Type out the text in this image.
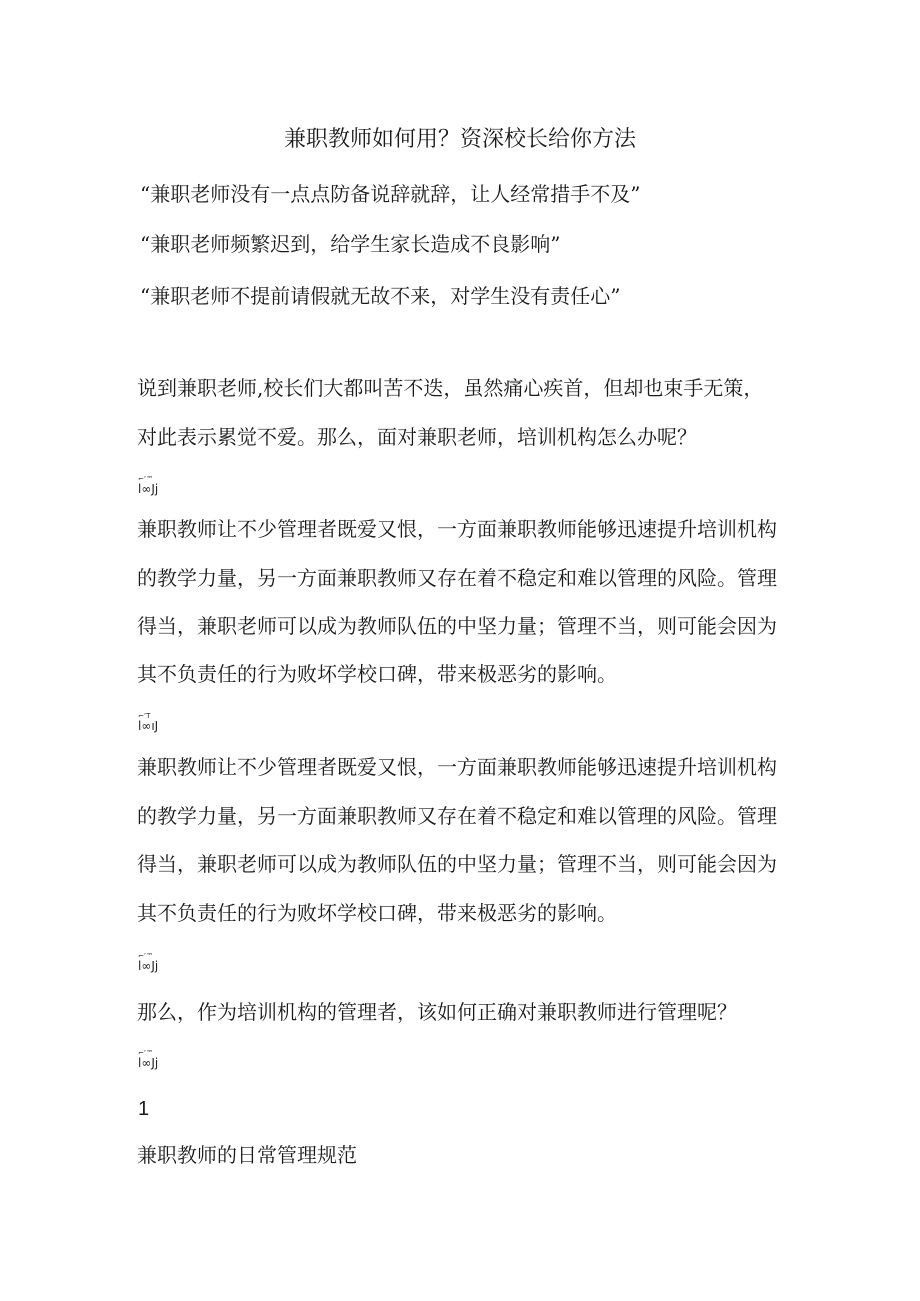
兼职教师如何用？资深校长给你方法
“兼职老师没有一点点防备说辞就辞，让人经常措手不及”
“兼职老师频繁迟到，给学生家长造成不良影响”
“兼职老师不提前请假就无故不来，对学生没有责任心”
说到兼职老师,校长们大都叫苦不迭，虽然痛心疾首，但却也束手无策，
对此表示累觉不爱。那么，面对兼职老师，培训机构怎么办呢？
⌐’™
l∞Jj
兼职教师让不少管理者既爱又恨，一方面兼职教师能够迅速提升培训机构
的教学力量，另一方面兼职教师又存在着不稳定和难以管理的风险。管理
得当，兼职老师可以成为教师队伍的中坚力量；管理不当，则可能会因为
其不负责任的行为败坏学校口碑，带来极恶劣的影响。
⌐’T
l∞ıJ
兼职教师让不少管理者既爱又恨，一方面兼职教师能够迅速提升培训机构
的教学力量，另一方面兼职教师又存在着不稳定和难以管理的风险。管理
得当，兼职老师可以成为教师队伍的中坚力量；管理不当，则可能会因为
其不负责任的行为败坏学校口碑，带来极恶劣的影响。
⌐’™
l∞Jj
那么，作为培训机构的管理者，该如何正确对兼职教师进行管理呢？
⌐’™
l∞Jj
1
兼职教师的日常管理规范
